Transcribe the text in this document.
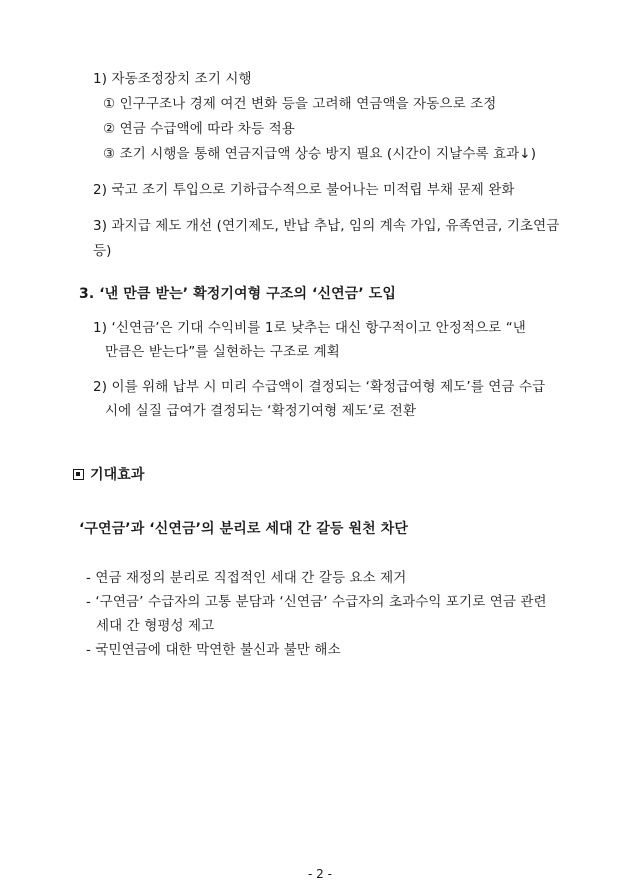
1) 자동조정장치 조기 시행
① 인구구조나 경제 여건 변화 등을 고려해 연금액을 자동으로 조정
② 연금 수급액에 따라 차등 적용
③ 조기 시행을 통해 연금지급액 상승 방지 필요 (시간이 지날수록 효과↓)
2) 국고 조기 투입으로 기하급수적으로 불어나는 미적립 부채 문제 완화
3) 과지급 제도 개선 (연기제도, 반납 추납, 임의 계속 가입, 유족연금, 기초연금
등)
3. ‘낸 만큼 받는’ 확정기여형 구조의 ‘신연금’ 도입
1) ‘신연금’은 기대 수익비를 1로 낮추는 대신 항구적이고 안정적으로 “낸
만큼은 받는다”를 실현하는 구조로 계획
2) 이를 위해 납부 시 미리 수급액이 결정되는 ‘확정급여형 제도’를 연금 수급
시에 실질 급여가 결정되는 ‘확정기여형 제도’로 전환
기대효과
‘구연금’과 ‘신연금’의 분리로 세대 간 갈등 원천 차단
- 연금 재정의 분리로 직접적인 세대 간 갈등 요소 제거
- ‘구연금’ 수급자의 고통 분담과 ‘신연금’ 수급자의 초과수익 포기로 연금 관련
세대 간 형평성 제고
- 국민연금에 대한 막연한 불신과 불만 해소
- 2 -
